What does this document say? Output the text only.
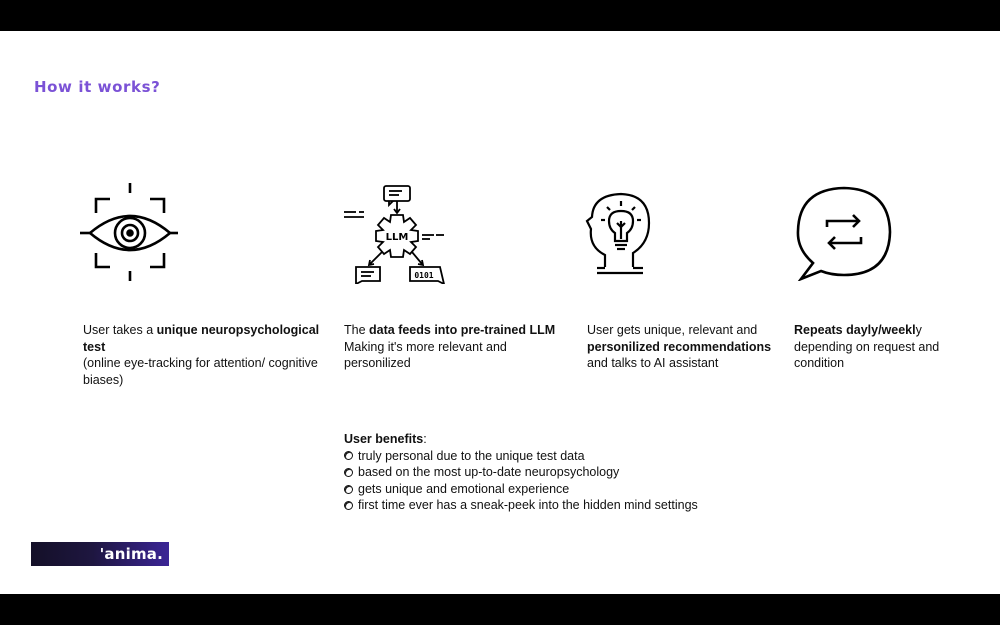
How it works?
LLM
0101
User takes a unique neuropsychological test
(online eye-tracking for attention/ cognitive biases)
The data feeds into pre-trained LLM
Making it's more relevant and personilized
User gets unique, relevant and personilized recommendations and talks to AI assistant
Repeats dayly/weekly depending on request and condition
User benefits:
truly personal due to the unique test data
based on the most up-to-date neuropsychology
gets unique and emotional experience
first time ever has a sneak-peek into the hidden mind settings
'anima.
